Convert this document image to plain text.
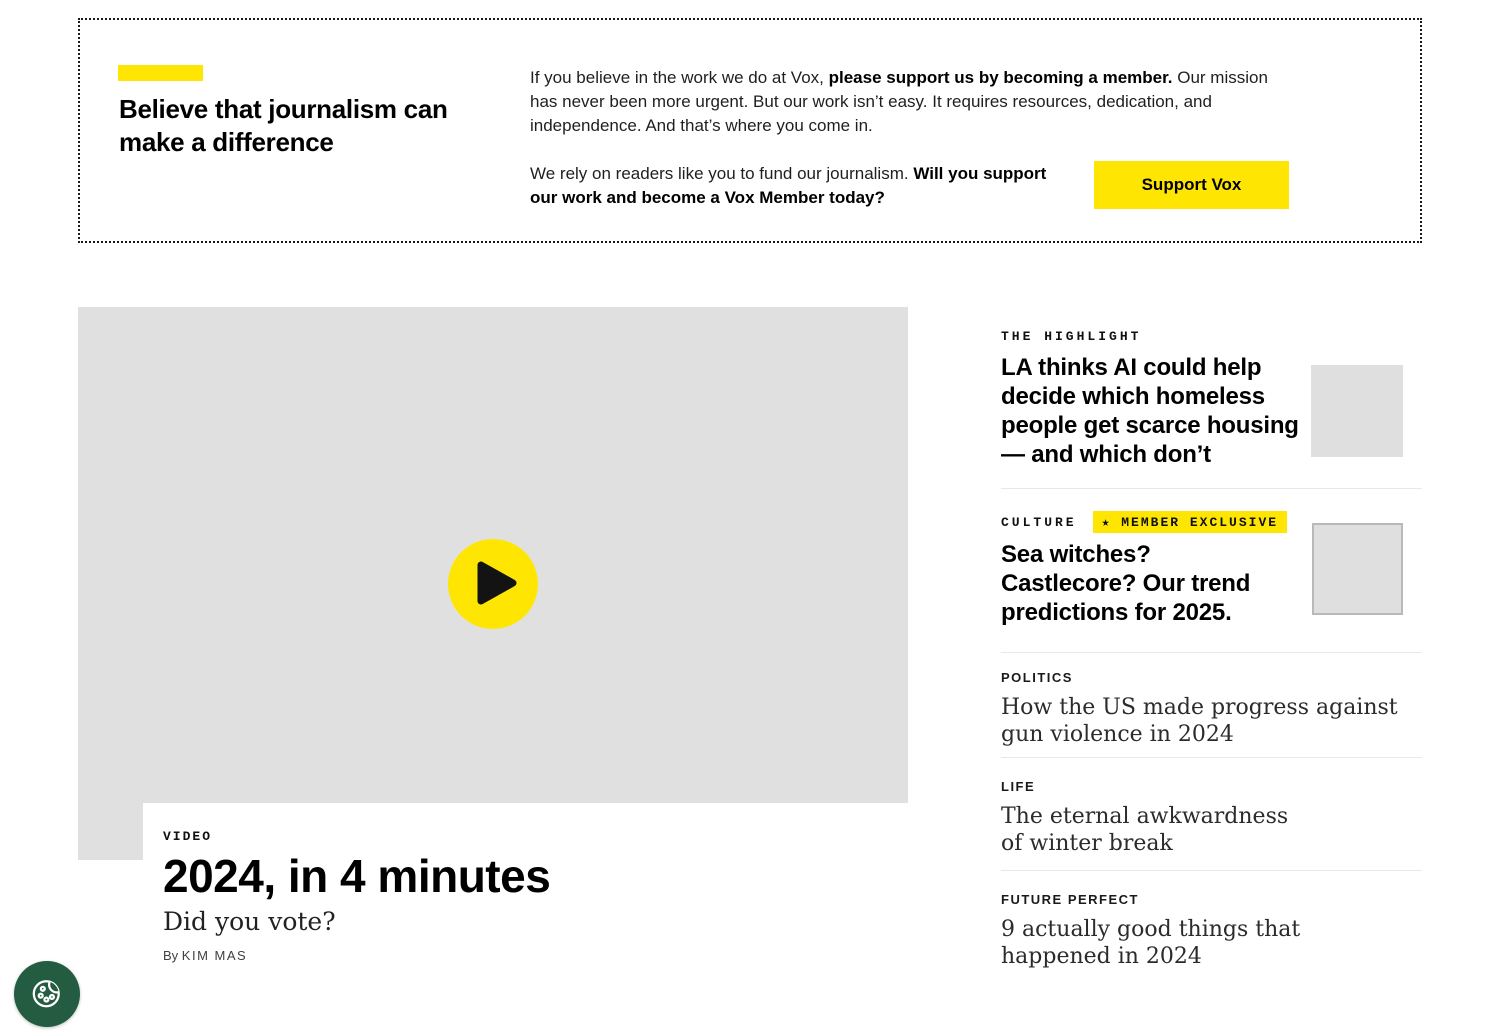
Believe that journalism can make a difference

If you believe in the work we do at Vox, please support us by becoming a member. Our mission has never been more urgent. But our work isn’t easy. It requires resources, dedication, and independence. And that’s where you come in.

We rely on readers like you to fund our journalism. Will you support our work and become a Vox Member today?

Support Vox
VIDEO
2024, in 4 minutes
Did you vote?
By KIM MAS
THE HIGHLIGHT
LA thinks AI could help decide which homeless people get scarce housing — and which don’t
CULTURE ★ MEMBER EXCLUSIVE
Sea witches? Castlecore? Our trend predictions for 2025.
POLITICS
How the US made progress against gun violence in 2024
LIFE
The eternal awkwardness of winter break
FUTURE PERFECT
9 actually good things that happened in 2024
